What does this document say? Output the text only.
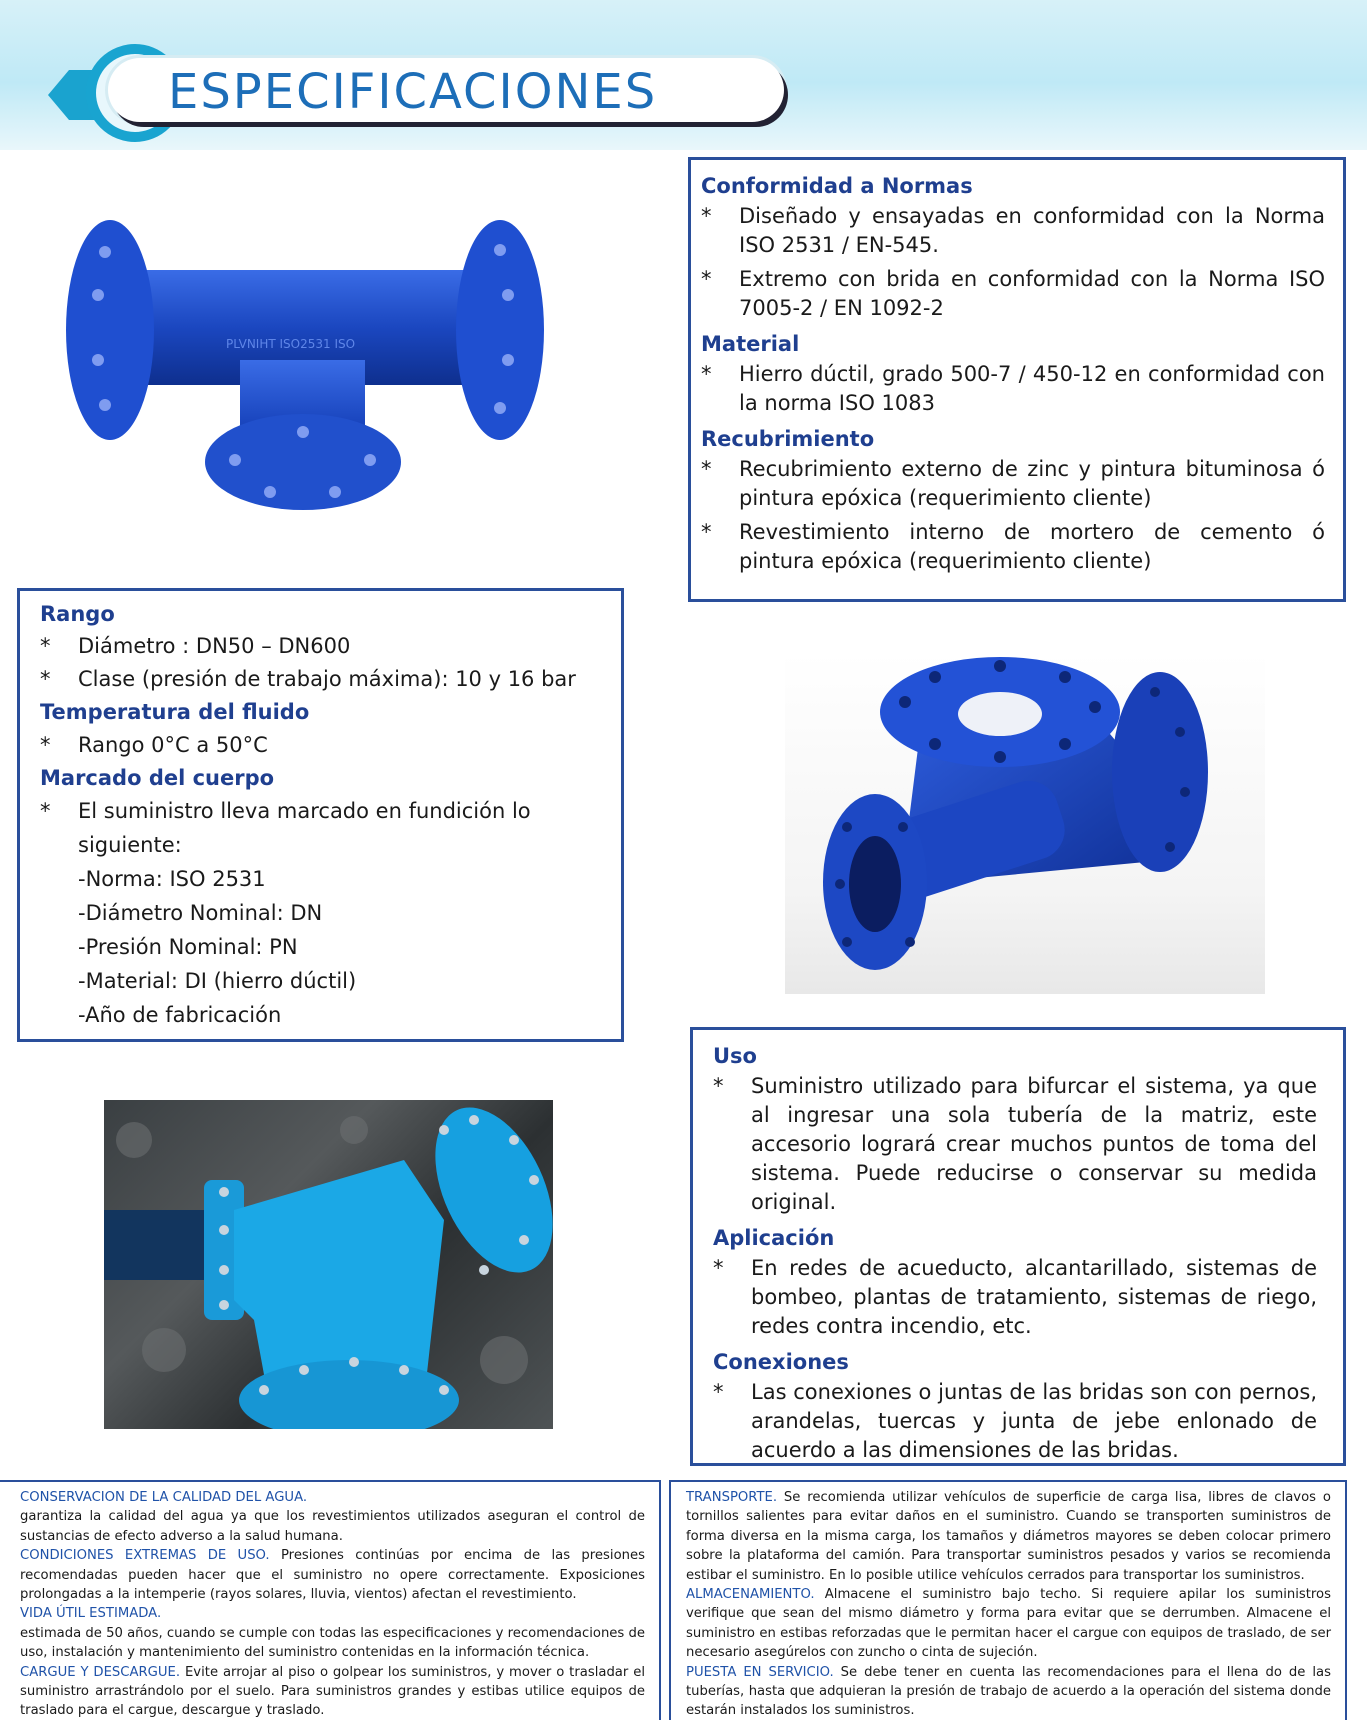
ESPECIFICACIONES
PLVNIHT ISO2531 ISO

Conformidad a Normas

* Diseñado y ensayadas en conformidad con la Norma ISO 2531 / EN-545.
* Extremo con brida en conformidad con la Norma ISO 7005-2 / EN 1092-2

Material

* Hierro dúctil, grado 500-7 / 450-12 en conformidad con la norma ISO 1083

Recubrimiento

* Recubrimiento externo de zinc y pintura bituminosa ó pintura epóxica (requerimiento cliente)
* Revestimiento interno de mortero de cemento ó pintura epóxica (requerimiento cliente)

Rango

* Diámetro : DN50 – DN600
* Clase (presión de trabajo máxima): 10 y 16 bar

Temperatura del fluido

* Rango 0°C a 50°C

Marcado del cuerpo

* El suministro lleva marcado en fundición lo siguiente:

-Norma: ISO 2531

-Diámetro Nominal: DN

-Presión Nominal: PN

-Material: DI (hierro dúctil)

-Año de fabricación

Uso

* Suministro utilizado para bifurcar el sistema, ya que al ingresar una sola tubería de la matriz, este accesorio logrará crear muchos puntos de toma del sistema. Puede reducirse o conservar su medida original.

Aplicación

* En redes de acueducto, alcantarillado, sistemas de bombeo, plantas de tratamiento, sistemas de riego, redes contra incendio, etc.

Conexiones

* Las conexiones o juntas de las bridas son con pernos, arandelas, tuercas y junta de jebe enlonado de acuerdo a las dimensiones de las bridas.

CONSERVACION DE LA CALIDAD DEL AGUA.

garantiza la calidad del agua ya que los revestimientos utilizados aseguran el control de sustancias de efecto adverso a la salud humana.

CONDICIONES EXTREMAS DE USO. Presiones continúas por encima de las presiones recomendadas pueden hacer que el suministro no opere correctamente. Exposiciones prolongadas a la intemperie (rayos solares, lluvia, vientos) afectan el revestimiento.

VIDA ÚTIL ESTIMADA.

estimada de 50 años, cuando se cumple con todas las especificaciones y recomendaciones de uso, instalación y mantenimiento del suministro contenidas en la información técnica.

CARGUE Y DESCARGUE. Evite arrojar al piso o golpear los suministros, y mover o trasladar el suministro arrastrándolo por el suelo. Para suministros grandes y estibas utilice equipos de traslado para el cargue, descargue y traslado.

TRANSPORTE. Se recomienda utilizar vehículos de superficie de carga lisa, libres de clavos o tornillos salientes para evitar daños en el suministro. Cuando se transporten suministros de forma diversa en la misma carga, los tamaños y diámetros mayores se deben colocar primero sobre la plataforma del camión. Para transportar suministros pesados y varios se recomienda estibar el suministro. En lo posible utilice vehículos cerrados para transportar los suministros.

ALMACENAMIENTO. Almacene el suministro bajo techo. Si requiere apilar los suministros verifique que sean del mismo diámetro y forma para evitar que se derrumben. Almacene el suministro en estibas reforzadas que le permitan hacer el cargue con equipos de traslado, de ser necesario asegúrelos con zuncho o cinta de sujeción.

PUESTA EN SERVICIO. Se debe tener en cuenta las recomendaciones para el llena do de las tuberías, hasta que adquieran la presión de trabajo de acuerdo a la operación del sistema donde estarán instalados los suministros.
